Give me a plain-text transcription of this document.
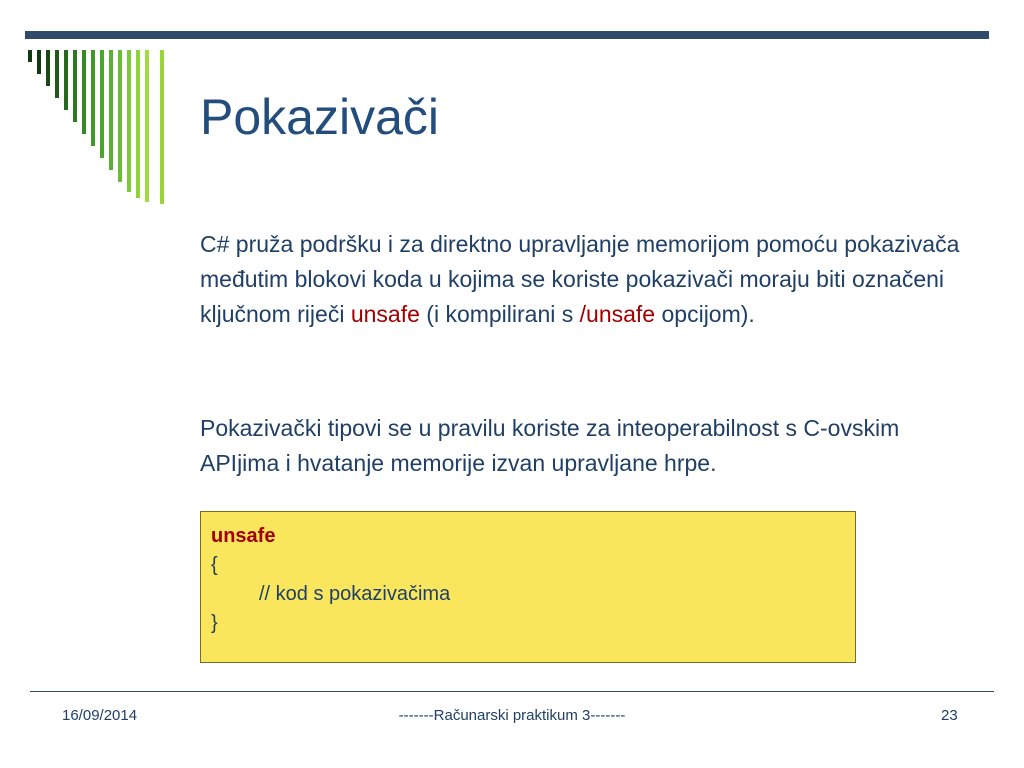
Pokazivači
C# pruža podršku i za direktno upravljanje memorijom pomoću pokazivača međutim blokovi koda u kojima se koriste pokazivači moraju biti označeni ključnom riječi unsafe (i kompilirani s /unsafe opcijom).
Pokazivački tipovi se u pravilu koriste za inteoperabilnost s C-ovskim APIjima i hvatanje memorije izvan upravljane hrpe.
unsafe
{
// kod s pokazivačima
}
16/09/2014	-------Računarski praktikum 3-------	23
